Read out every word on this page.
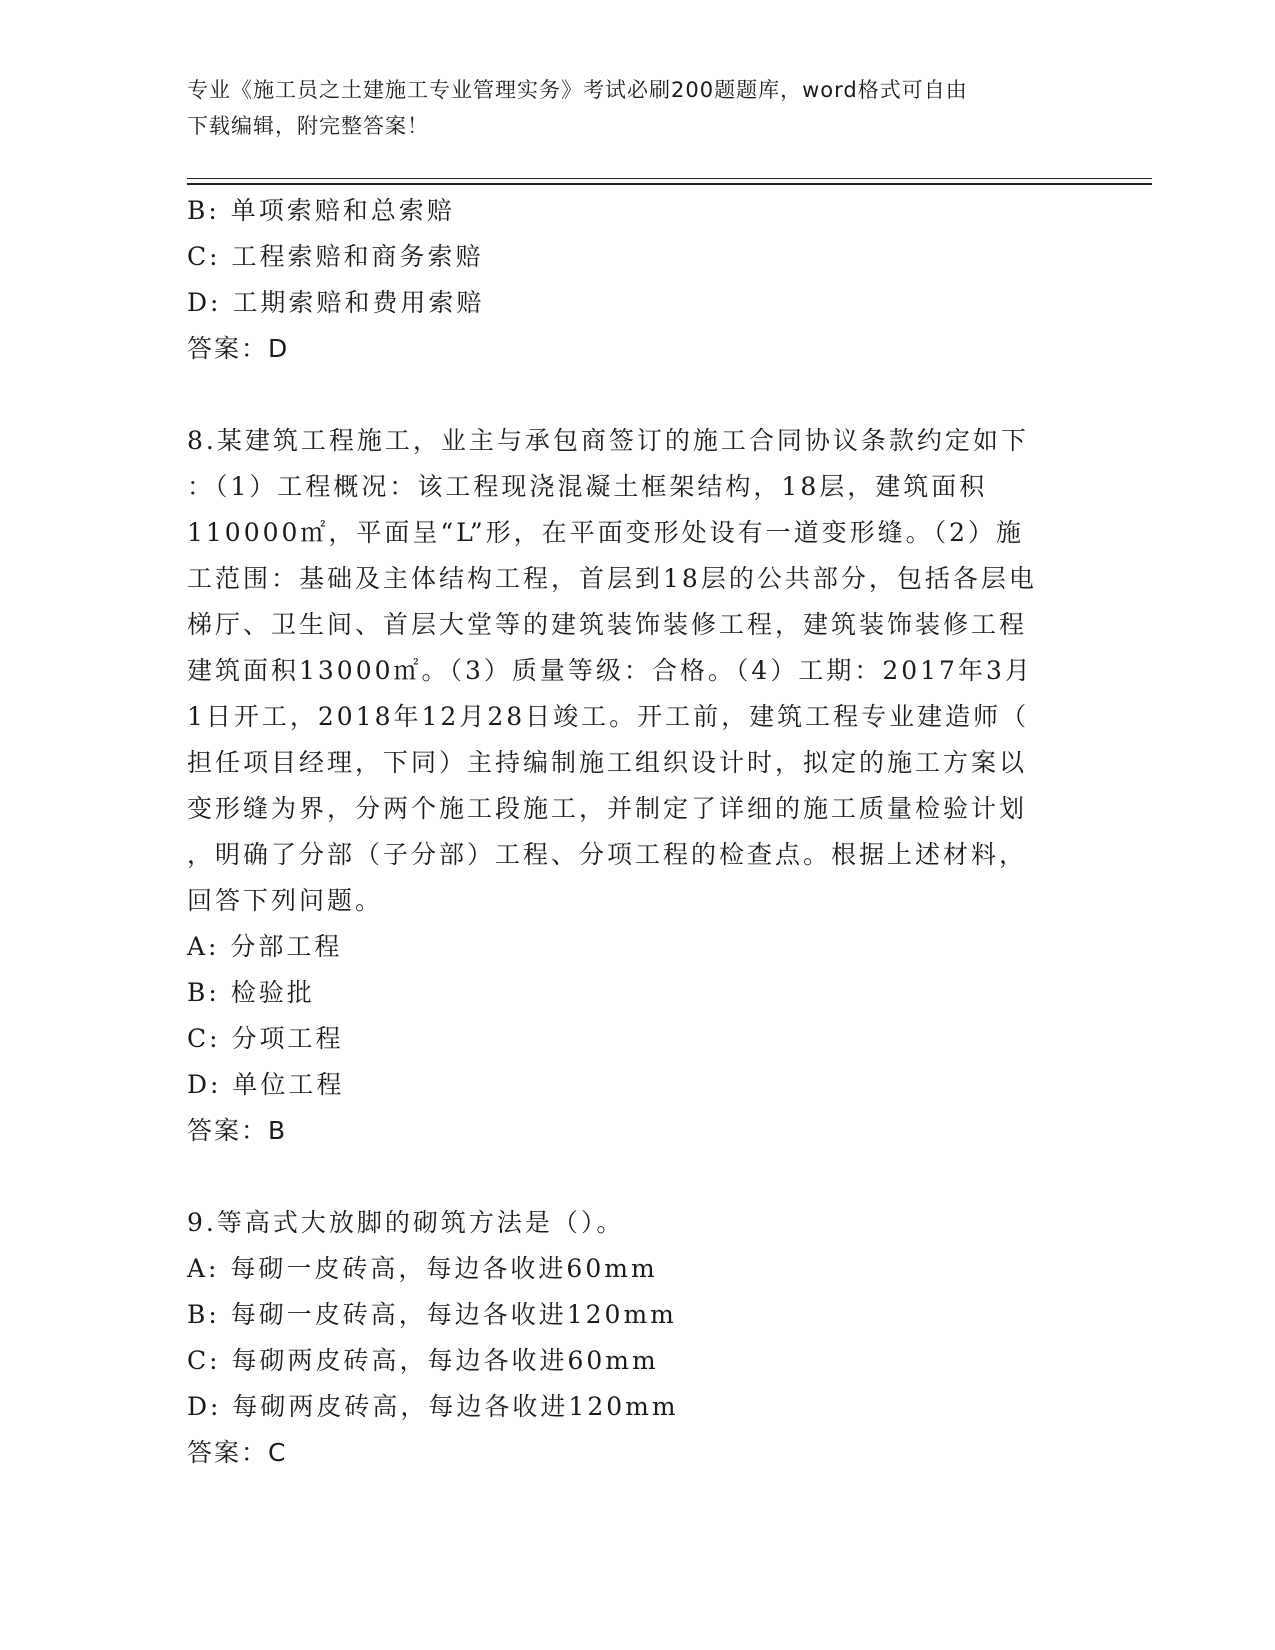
专业《施工员之土建施工专业管理实务》考试必刷200题题库，word格式可自由
下载编辑，附完整答案！
B: 单项索赔和总索赔
C: 工程索赔和商务索赔
D: 工期索赔和费用索赔
答案：D
8.某建筑工程施工，业主与承包商签订的施工合同协议条款约定如下
：（1）工程概况：该工程现浇混凝土框架结构，18层，建筑面积
110000㎡，平面呈“L”形，在平面变形处设有一道变形缝。（2）施
工范围：基础及主体结构工程，首层到18层的公共部分，包括各层电
梯厅、卫生间、首层大堂等的建筑装饰装修工程，建筑装饰装修工程
建筑面积13000㎡。（3）质量等级：合格。（4）工期：2017年3月
1日开工，2018年12月28日竣工。开工前，建筑工程专业建造师（
担任项目经理，下同）主持编制施工组织设计时，拟定的施工方案以
变形缝为界，分两个施工段施工，并制定了详细的施工质量检验计划
，明确了分部（子分部）工程、分项工程的检查点。根据上述材料，
回答下列问题。
A: 分部工程
B: 检验批
C: 分项工程
D: 单位工程
答案：B
9.等高式大放脚的砌筑方法是（）。
A: 每砌一皮砖高，每边各收进60mm
B: 每砌一皮砖高，每边各收进120mm
C: 每砌两皮砖高，每边各收进60mm
D: 每砌两皮砖高，每边各收进120mm
答案：C
